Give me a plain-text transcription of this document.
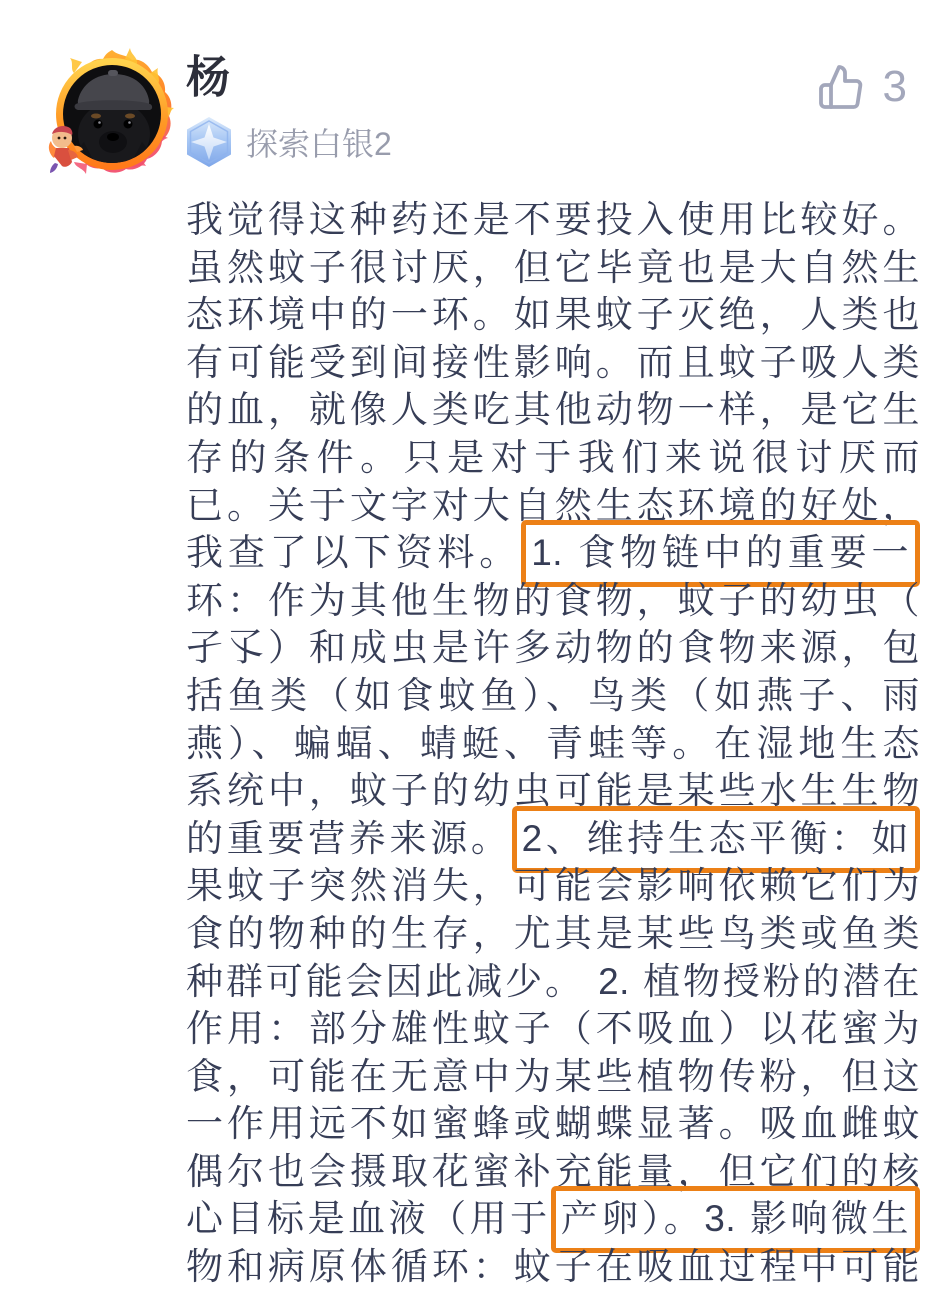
杨
探索白银2
3
我觉得这种药还是不要投入使用比较好。
虽然蚊子很讨厌，但它毕竟也是大自然生
态环境中的一环。如果蚊子灭绝，人类也
有可能受到间接性影响。而且蚊子吸人类
的血，就像人类吃其他动物一样，是它生
存的条件。只是对于我们来说很讨厌而
已。关于文字对大自然生态环境的好处，
我查了以下资料。 1. 食物链中的重要一
环：作为其他生物的食物，蚊子的幼虫（
孑孓）和成虫是许多动物的食物来源，包
括鱼类（如食蚊鱼）、鸟类（如燕子、雨
燕）、蝙蝠、蜻蜓、青蛙等。在湿地生态
系统中，蚊子的幼虫可能是某些水生生物
的重要营养来源。 2、维持生态平衡：如
果蚊子突然消失，可能会影响依赖它们为
食的物种的生存，尤其是某些鸟类或鱼类
种群可能会因此减少。 2. 植物授粉的潜在
作用：部分雄性蚊子（不吸血）以花蜜为
食，可能在无意中为某些植物传粉，但这
一作用远不如蜜蜂或蝴蝶显著。吸血雌蚊
偶尔也会摄取花蜜补充能量，但它们的核
心目标是血液（用于 产卵）。3. 影响微生
物和病原体循环：蚊子在吸血过程中可能
